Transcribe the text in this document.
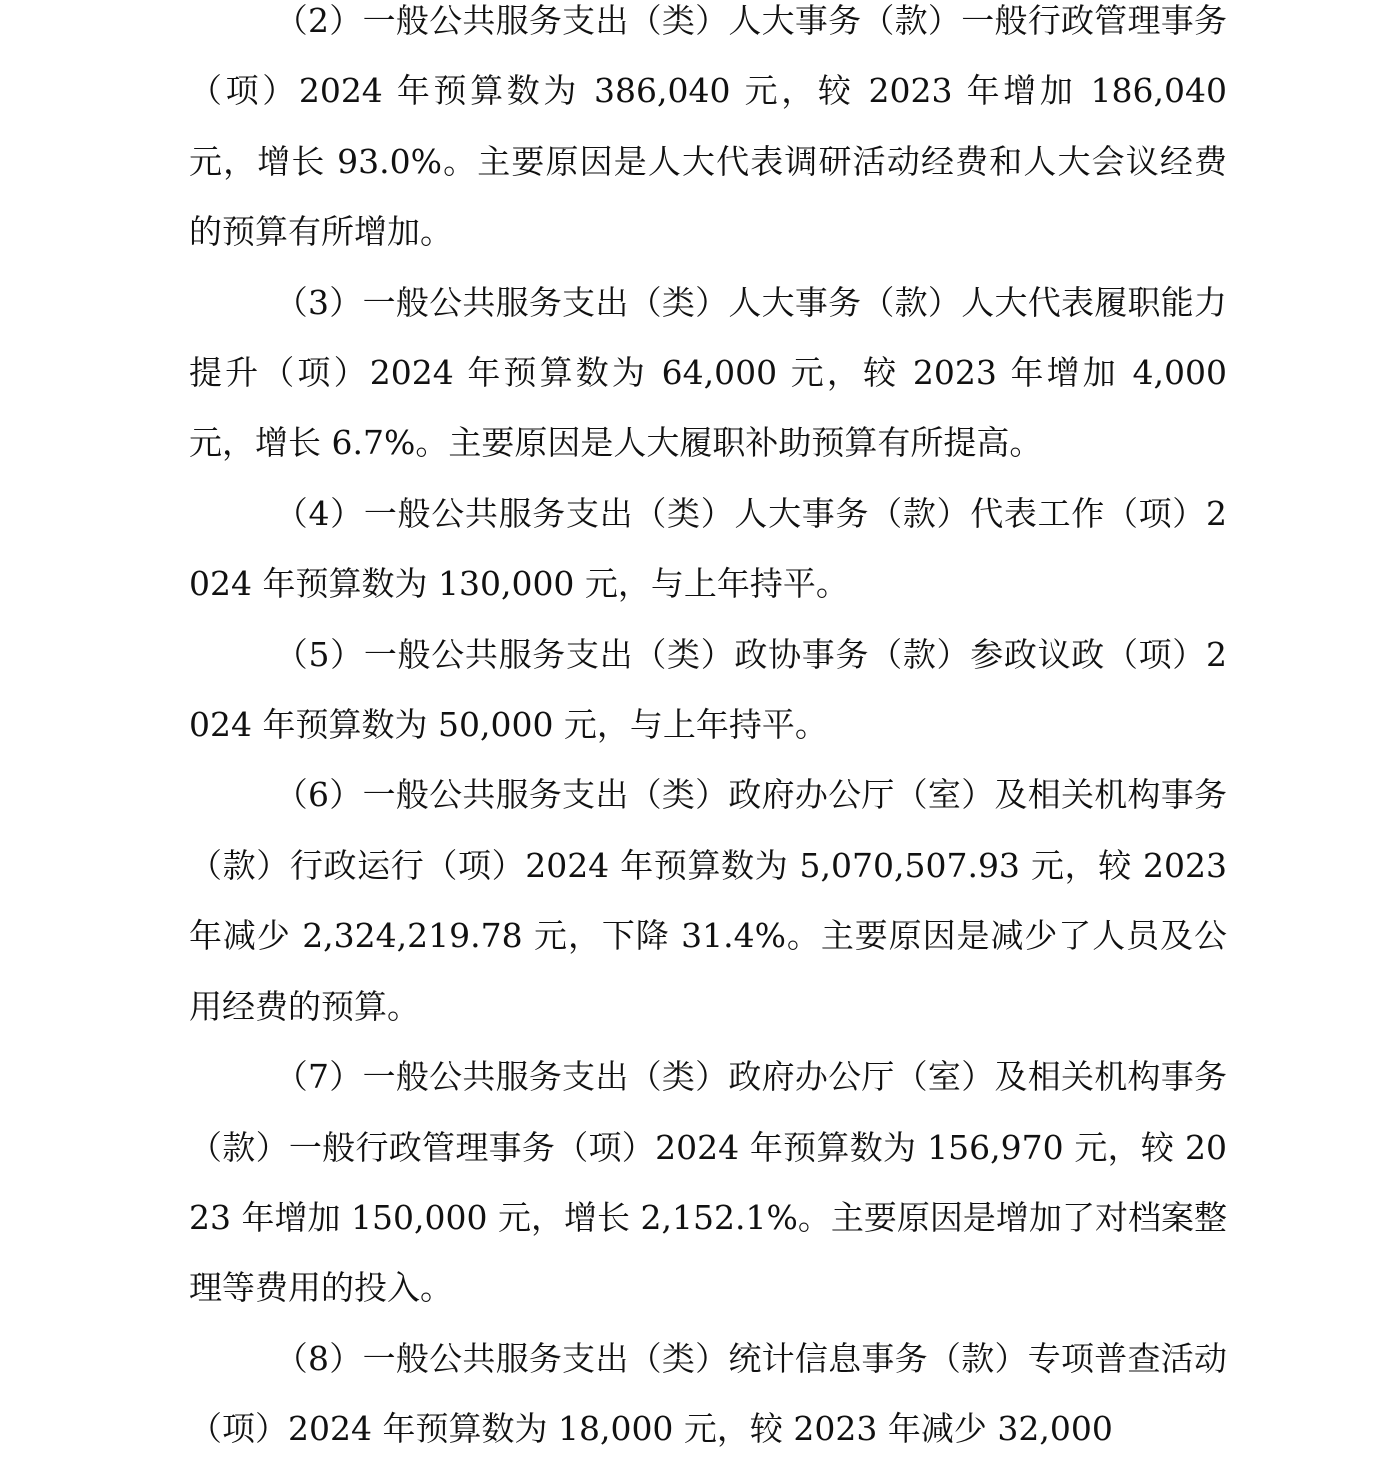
（2）一般公共服务支出（类）人大事务（款）一般行政管理事务（项）2024 年预算数为 386,040 元，较 2023 年增加 186,040 元，增长 93.0%。主要原因是人大代表调研活动经费和人大会议经费的预算有所增加。

（3）一般公共服务支出（类）人大事务（款）人大代表履职能力提升（项）2024 年预算数为 64,000 元，较 2023 年增加 4,000 元，增长 6.7%。主要原因是人大履职补助预算有所提高。

（4）一般公共服务支出（类）人大事务（款）代表工作（项）2024 年预算数为 130,000 元，与上年持平。

（5）一般公共服务支出（类）政协事务（款）参政议政（项）2024 年预算数为 50,000 元，与上年持平。

（6）一般公共服务支出（类）政府办公厅（室）及相关机构事务（款）行政运行（项）2024 年预算数为 5,070,507.93 元，较 2023 年减少 2,324,219.78 元，下降 31.4%。主要原因是减少了人员及公用经费的预算。

（7）一般公共服务支出（类）政府办公厅（室）及相关机构事务（款）一般行政管理事务（项）2024 年预算数为 156,970 元，较 2023 年增加 150,000 元，增长 2,152.1%。主要原因是增加了对档案整理等费用的投入。

（8）一般公共服务支出（类）统计信息事务（款）专项普查活动（项）2024 年预算数为 18,000 元，较 2023 年减少 32,000
